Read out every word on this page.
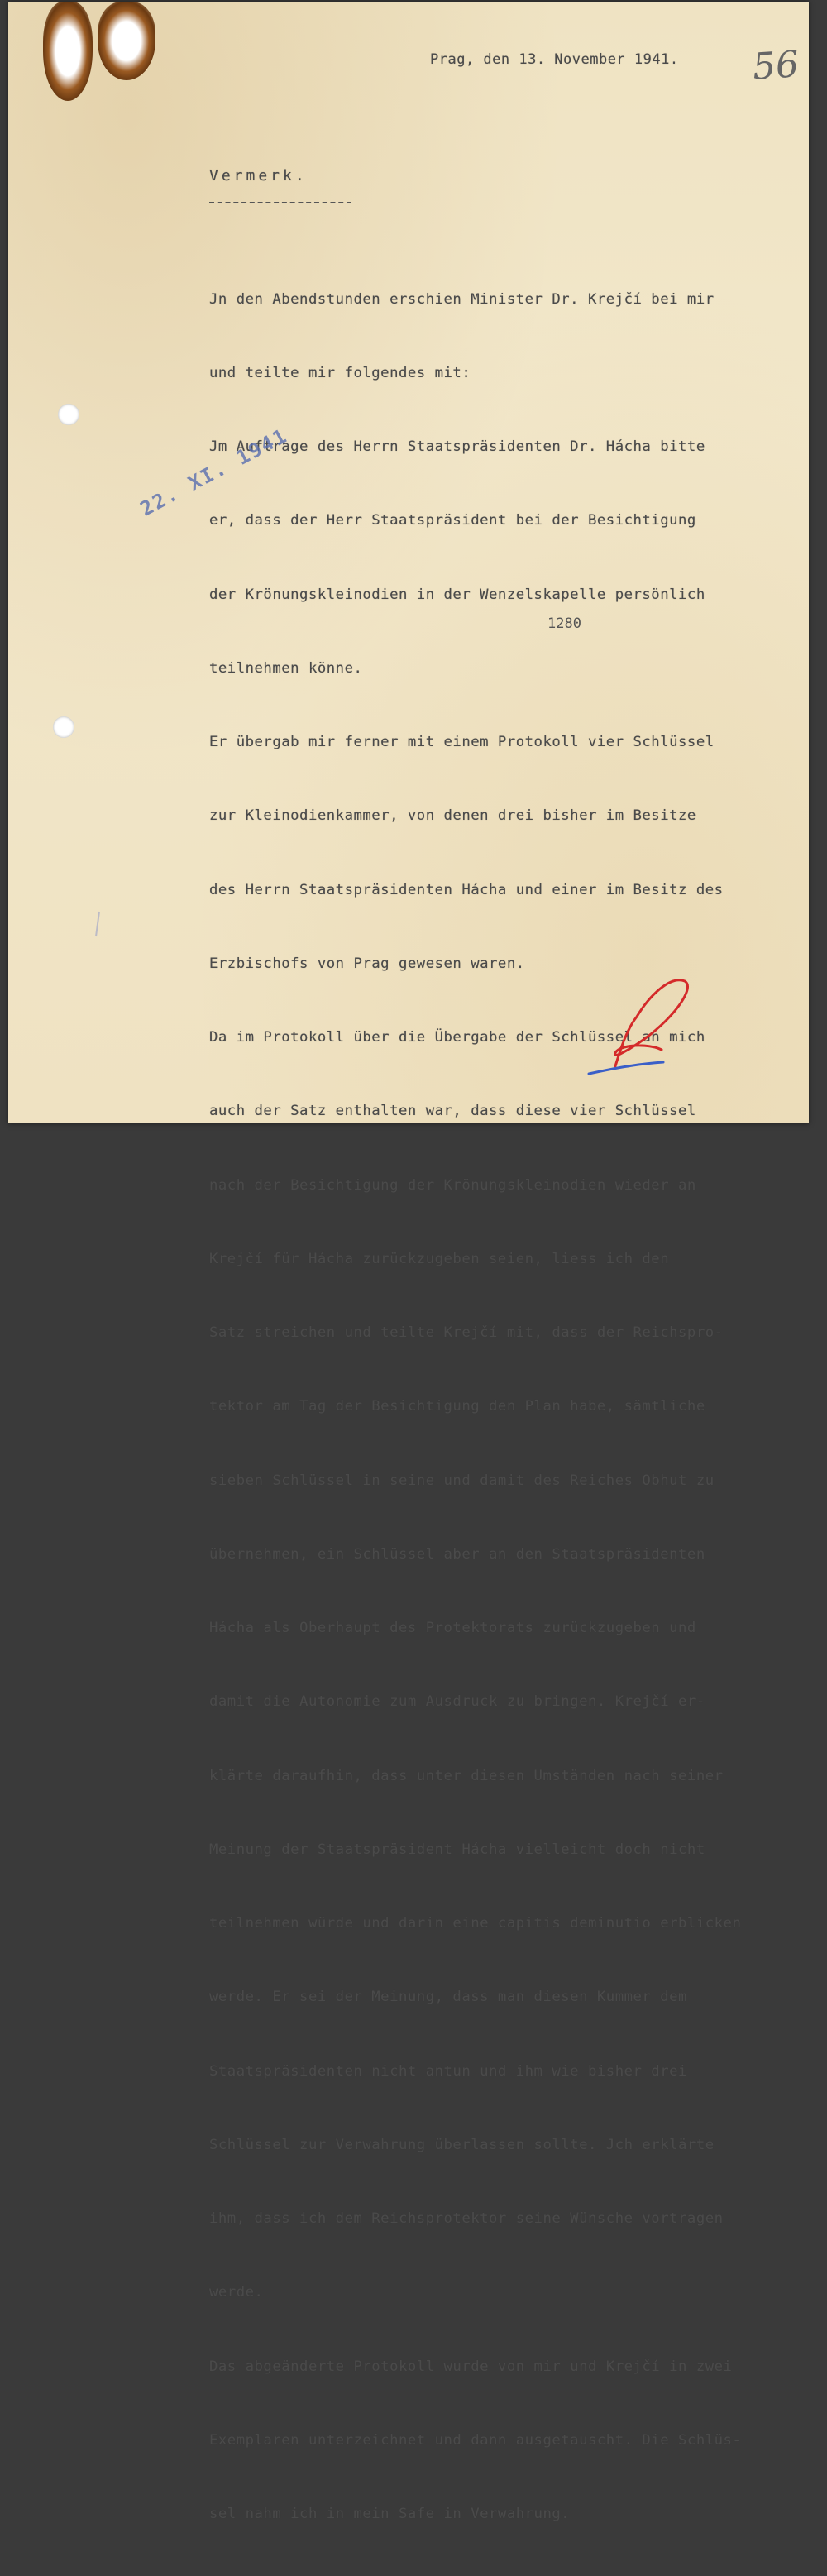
Prag, den 13. November 1941. 56
Vermerk.

Jn den Abendstunden erschien Minister Dr. Krejčí bei mir

und teilte mir folgendes mit:

Jm Auftrage des Herrn Staatspräsidenten Dr. Hácha bitte

er, dass der Herr Staatspräsident bei der Besichtigung

der Krönungskleinodien in der Wenzelskapelle persönlich

teilnehmen könne.

Er übergab mir ferner mit einem Protokoll vier Schlüssel

zur Kleinodienkammer, von denen drei bisher im Besitze

des Herrn Staatspräsidenten Hácha und einer im Besitz des

Erzbischofs von Prag gewesen waren.

Da im Protokoll über die Übergabe der Schlüssel an mich

auch der Satz enthalten war, dass diese vier Schlüssel

nach der Besichtigung der Krönungskleinodien wieder an

Krejčí für Hácha zurückzugeben seien, liess ich den

Satz streichen und teilte Krejčí mit, dass der Reichspro-

tektor am Tag der Besichtigung den Plan habe, sämtliche

sieben Schlüssel in seine und damit des Reiches Obhut zu

übernehmen, ein Schlüssel aber an den Staatspräsidenten

Hácha als Oberhaupt des Protektorats zurückzugeben und

damit die Autonomie zum Ausdruck zu bringen. Krejčí er-

klärte daraufhin, dass unter diesen Umständen nach seiner

Meinung der Staatspräsident Hácha vielleicht doch nicht

teilnehmen würde und darin eine capitis deminutio erblicken

werde. Er sei der Meinung, dass man diesen Kummer dem

Staatspräsidenten nicht antun und ihm wie bisher drei

Schlüssel zur Verwahrung überlassen sollte. Jch erklärte

ihm, dass ich dem Reichsprotektor seine Wünsche vortragen

werde.

Das abgeänderte Protokoll wurde von mir und Krejčí in zwei

Exemplaren unterzeichnet und dann ausgetauscht. Die Schlüs-

sel nahm ich in mein Safe in Verwahrung.

22. XI. 1941
1280
